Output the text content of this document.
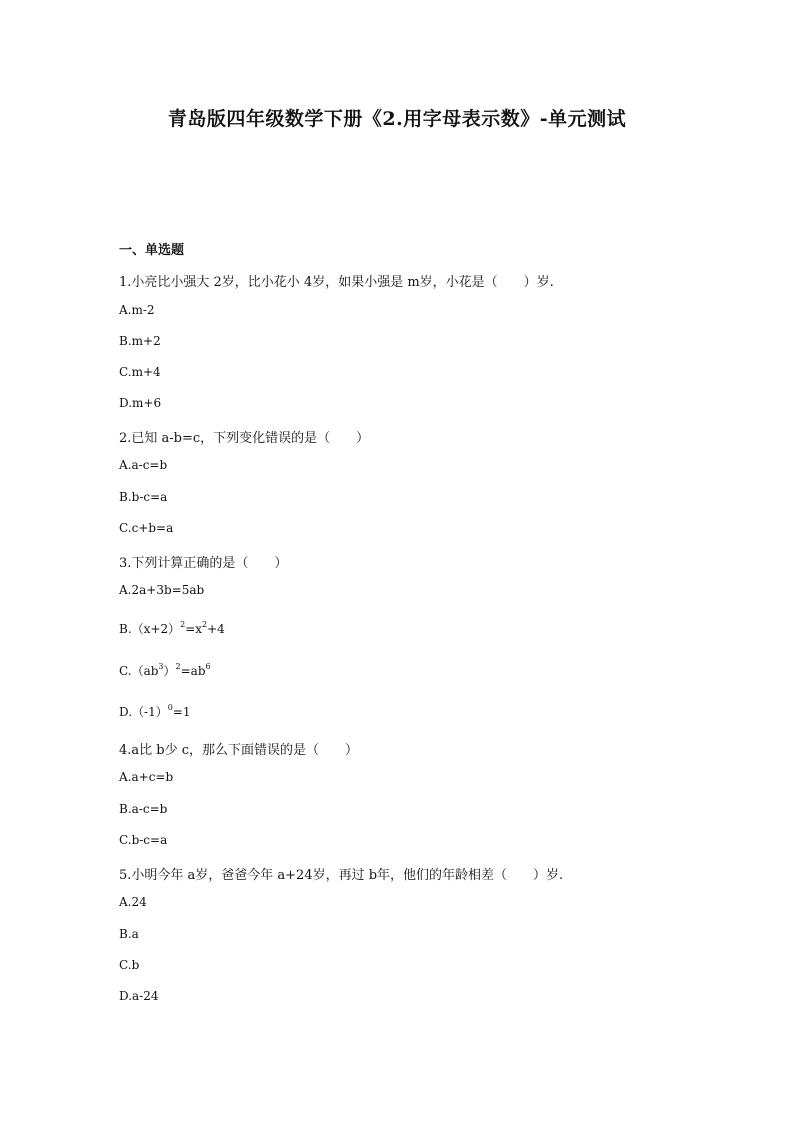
青岛版四年级数学下册《2.用字母表示数》-单元测试
一、单选题
1.小亮比小强大 2岁，比小花小 4岁，如果小强是 m岁，小花是（　　）岁.
A.m-2
B.m+2
C.m+4
D.m+6
2.已知 a-b=c，下列变化错误的是（　　）
A.a-c=b
B.b-c=a
C.c+b=a
3.下列计算正确的是（　　）
A.2a+3b=5ab
$B.(x+2)^2=x^2+4$
$C.(ab^3)^2=ab^6$
$D.(-1)^0=1$
4.a比 b少 c，那么下面错误的是（　　）
A.a+c=b
B.a-c=b
C.b-c=a
5.小明今年 a岁，爸爸今年 a+24岁，再过 b年，他们的年龄相差（　　）岁.
A.24
B.a
C.b
D.a-24
